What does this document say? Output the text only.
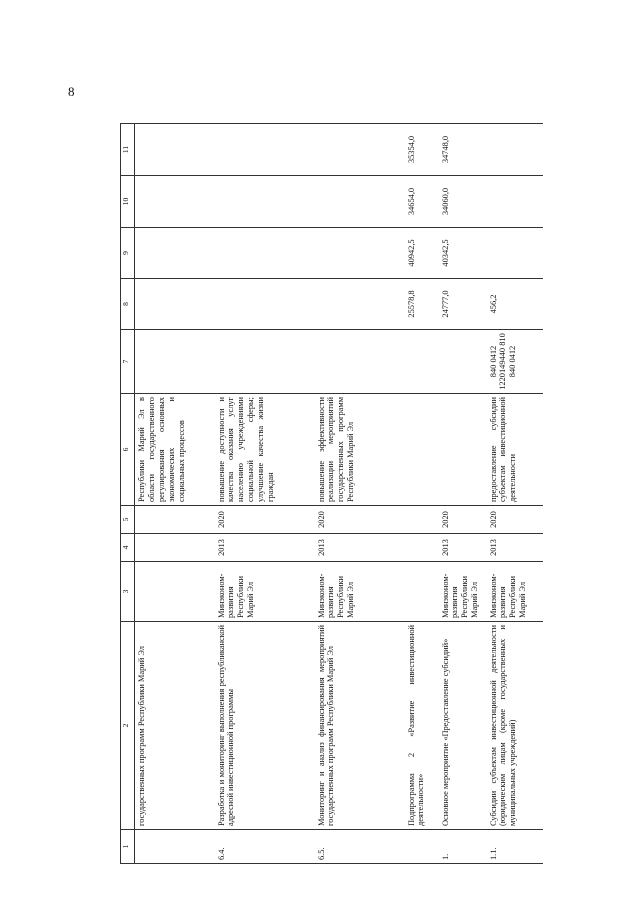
8
1	2	3	4	5	6	7	8	9	10	11
	государственных программ Республики Марий Эл				Республики Марий Эл в области государственного регулирования основных экономических и социальных процессов					
6.4.	Разработка и мониторинг выполнения республиканской адресной инвестиционной программы	Минэконом-развития Республики Марий Эл	2013	2020	повышение доступности и качества оказания услуг населению учреждениями социальной сферы; улучшение качества жизни граждан					
6.5.	Мониторинг и анализ финансирования мероприятий государственных программ Республики Марий Эл	Минэконом-развития Республики Марий Эл	2013	2020	повышение эффективности реализации мероприятий государственных программ Республики Марий Эл					
	Подпрограмма 2 «Развитие инвестиционной деятельности»						25578,8	40942,5	34654,0	35354,0
1.	Основное мероприятие «Предоставление субсидий»	Минэконом-развития Республики Марий Эл	2013	2020			24777,0	40342,5	34060,0	34748,0
1.1.	Субсидии субъектам инвестиционной деятельности (юридическим лицам (кроме государственных и муниципальных учреждений)	Минэконом-развития Республики Марий Эл	2013	2020	предоставление субсидии субъектам инвестиционной деятельности	840 0412 1220149440 810 840 0412	456,2			
